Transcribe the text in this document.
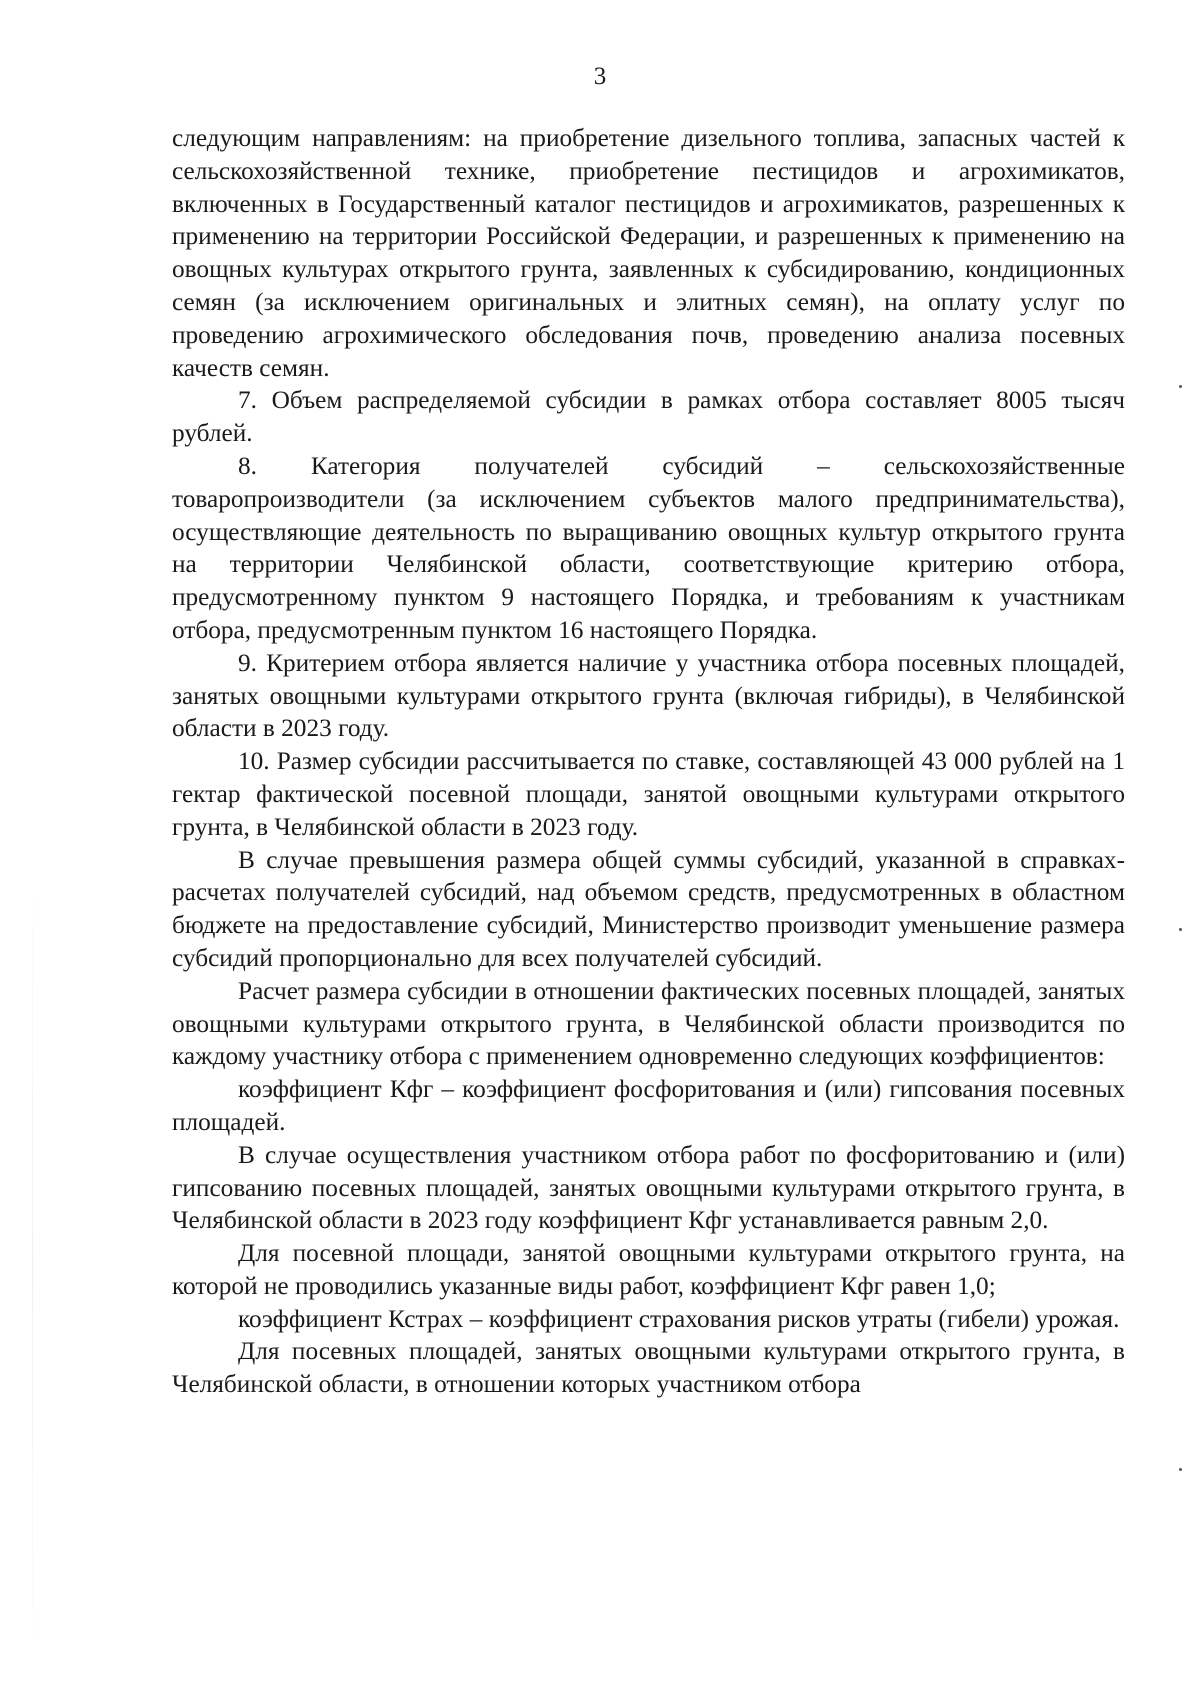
3

следующим направлениям: на приобретение дизельного топлива, запасных частей к сельскохозяйственной технике, приобретение пестицидов и агрохимикатов, включенных в Государственный каталог пестицидов и агрохимикатов, разрешенных к применению на территории Российской Федерации, и разрешенных к применению на овощных культурах открытого грунта, заявленных к субсидированию, кондиционных семян (за исключением оригинальных и элитных семян), на оплату услуг по проведению агрохимического обследования почв, проведению анализа посевных качеств семян.

7. Объем распределяемой субсидии в рамках отбора составляет 8005 тысяч рублей.

8. Категория получателей субсидий – сельскохозяйственные товаропроизводители (за исключением субъектов малого предпринимательства), осуществляющие деятельность по выращиванию овощных культур открытого грунта на территории Челябинской области, соответствующие критерию отбора, предусмотренному пунктом 9 настоящего Порядка, и требованиям к участникам отбора, предусмотренным пунктом 16 настоящего Порядка.

9. Критерием отбора является наличие у участника отбора посевных площадей, занятых овощными культурами открытого грунта (включая гибриды), в Челябинской области в 2023 году.

10. Размер субсидии рассчитывается по ставке, составляющей 43 000 рублей на 1 гектар фактической посевной площади, занятой овощными культурами открытого грунта, в Челябинской области в 2023 году.

В случае превышения размера общей суммы субсидий, указанной в справках-расчетах получателей субсидий, над объемом средств, предусмотренных в областном бюджете на предоставление субсидий, Министерство производит уменьшение размера субсидий пропорционально для всех получателей субсидий.

Расчет размера субсидии в отношении фактических посевных площадей, занятых овощными культурами открытого грунта, в Челябинской области производится по каждому участнику отбора с применением одновременно следующих коэффициентов:

коэффициент Кфг – коэффициент фосфоритования и (или) гипсования посевных площадей.

В случае осуществления участником отбора работ по фосфоритованию и (или) гипсованию посевных площадей, занятых овощными культурами открытого грунта, в Челябинской области в 2023 году коэффициент Кфг устанавливается равным 2,0.

Для посевной площади, занятой овощными культурами открытого грунта, на которой не проводились указанные виды работ, коэффициент Кфг равен 1,0;

коэффициент Кстрах – коэффициент страхования рисков утраты (гибели) урожая.

Для посевных площадей, занятых овощными культурами открытого грунта, в Челябинской области, в отношении которых участником отбора
